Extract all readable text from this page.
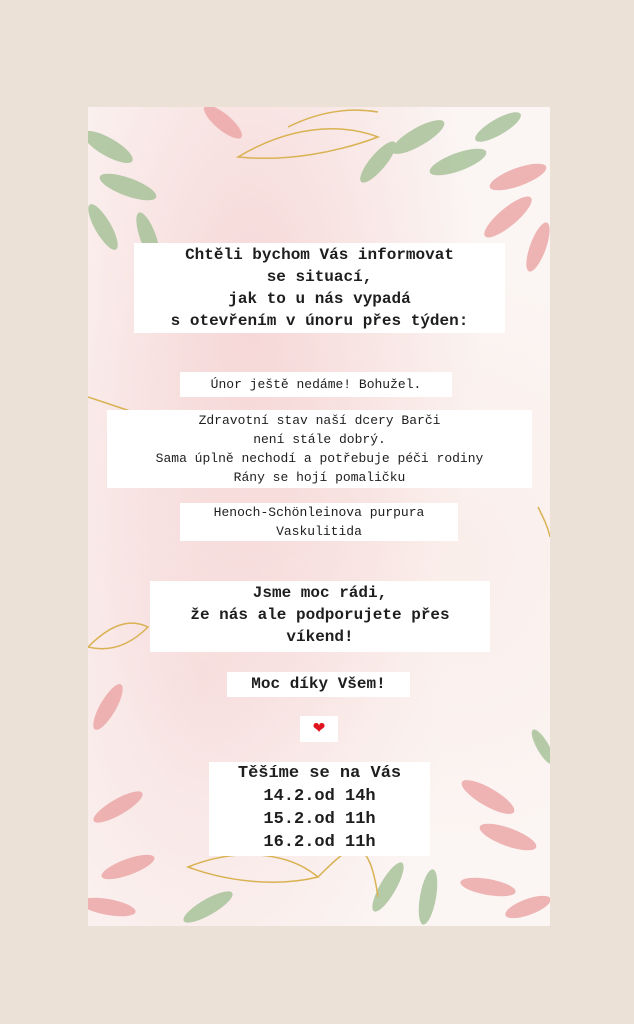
Chtěli bychom Vás informovat
se situací,
jak to u nás vypadá
s otevřením v únoru přes týden:
Únor ještě nedáme! Bohužel.
Zdravotní stav naší dcery Barči
není stále dobrý.
Sama úplně nechodí a potřebuje péči rodiny
Rány se hojí pomaličku
Henoch-Schönleinova purpura
Vaskulitida
Jsme moc rádi,
že nás ale podporujete přes
víkend!
Moc díky Všem!
❤
Těšíme se na Vás
14.2.od 14h
15.2.od 11h
16.2.od 11h
